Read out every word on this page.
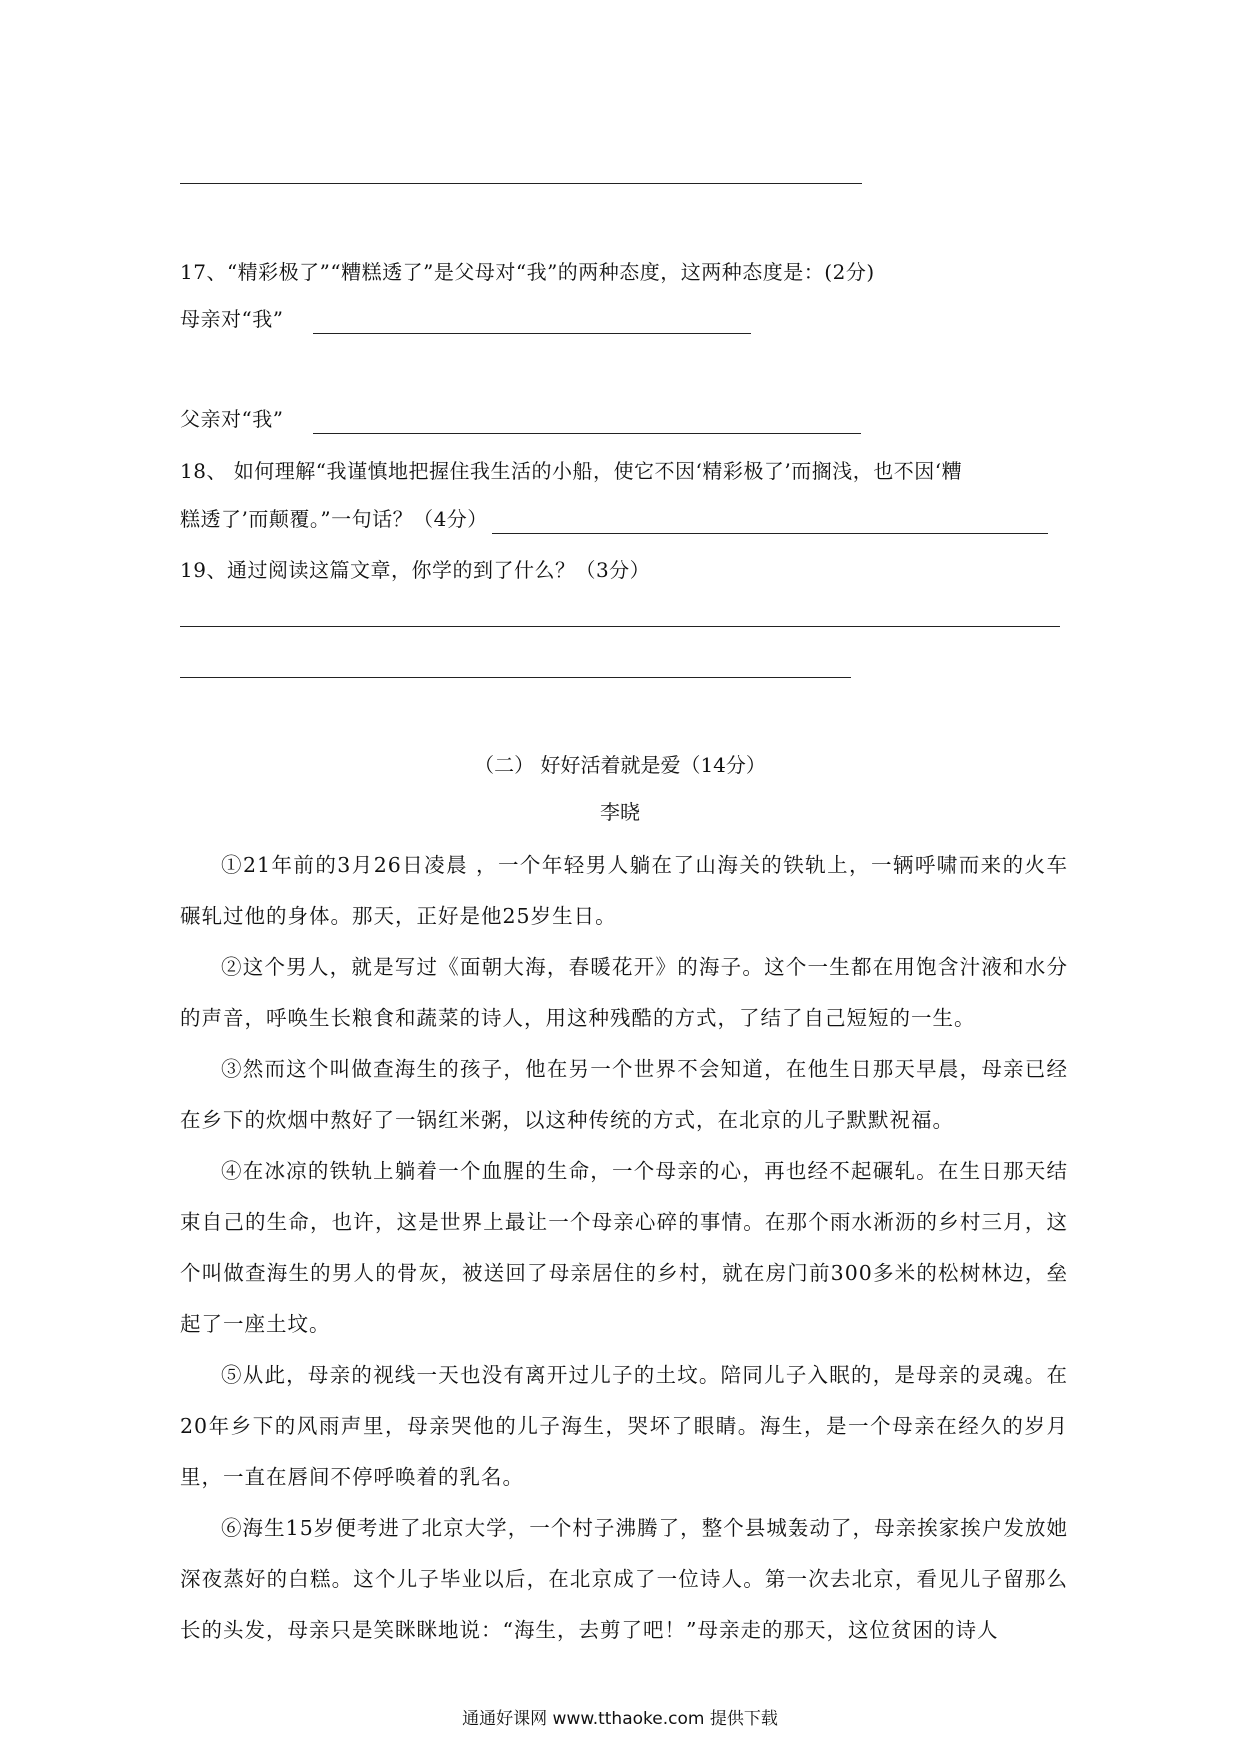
17、“精彩极了”“糟糕透了”是父母对“我”的两种态度，这两种态度是：(2分)
母亲对“我”
父亲对“我”
18、 如何理解“我谨慎地把握住我生活的小船，使它不因‘精彩极了’而搁浅，也不因‘糟
糕透了’而颠覆。”一句话？（4分）
19、通过阅读这篇文章，你学的到了什么？（3分）
（二） 好好活着就是爱（14分）
李晓
①21年前的3月26日凌晨 ，一个年轻男人躺在了山海关的铁轨上，一辆呼啸而来的火车碾轧过他的身体。那天，正好是他25岁生日。
②这个男人，就是写过《面朝大海，春暖花开》的海子。这个一生都在用饱含汁液和水分的声音，呼唤生长粮食和蔬菜的诗人，用这种残酷的方式，了结了自己短短的一生。
③然而这个叫做查海生的孩子，他在另一个世界不会知道，在他生日那天早晨，母亲已经在乡下的炊烟中熬好了一锅红米粥，以这种传统的方式，在北京的儿子默默祝福。
④在冰凉的铁轨上躺着一个血腥的生命，一个母亲的心，再也经不起碾轧。在生日那天结束自己的生命，也许，这是世界上最让一个母亲心碎的事情。在那个雨水淅沥的乡村三月，这个叫做查海生的男人的骨灰，被送回了母亲居住的乡村，就在房门前300多米的松树林边，垒起了一座土坟。
⑤从此，母亲的视线一天也没有离开过儿子的土坟。陪同儿子入眠的，是母亲的灵魂。在20年乡下的风雨声里，母亲哭他的儿子海生，哭坏了眼睛。海生，是一个母亲在经久的岁月里，一直在唇间不停呼唤着的乳名。
⑥海生15岁便考进了北京大学，一个村子沸腾了，整个县城轰动了，母亲挨家挨户发放她深夜蒸好的白糕。这个儿子毕业以后，在北京成了一位诗人。第一次去北京，看见儿子留那么长的头发，母亲只是笑眯眯地说：“海生，去剪了吧！”母亲走的那天，这位贫困的诗人
通通好课网 www.tthaoke.com 提供下载
